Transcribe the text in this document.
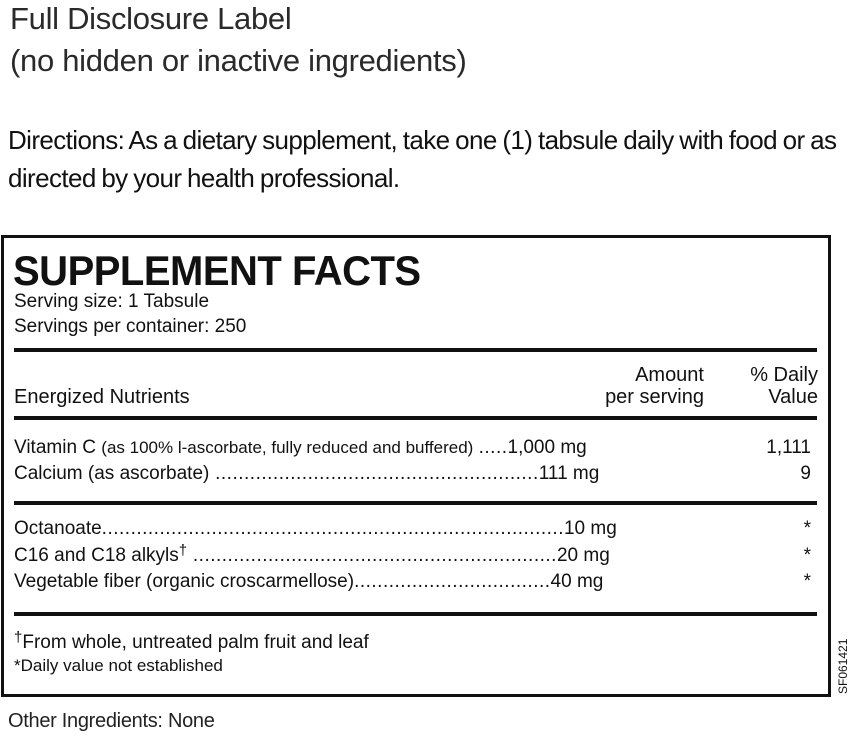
Full Disclosure Label
(no hidden or inactive ingredients)
Directions: As a dietary supplement, take one (1) tabsule daily with food or as directed by your health professional.
SUPPLEMENT FACTS
Serving size: 1 Tabsule
Servings per container: 250
Energized Nutrients
Amount
per serving
% Daily
Value
Vitamin C (as 100% l-ascorbate, fully reduced and buffered) .....1,000 mg	1,111
Calcium (as ascorbate) ........................................................111 mg	9
Octanoate................................................................................10 mg	*
C16 and C18 alkyls† ...............................................................20 mg	*
Vegetable fiber (organic croscarmellose)..................................40 mg	*
†From whole, untreated palm fruit and leaf
*Daily value not established	SF061421
Other Ingredients: None
